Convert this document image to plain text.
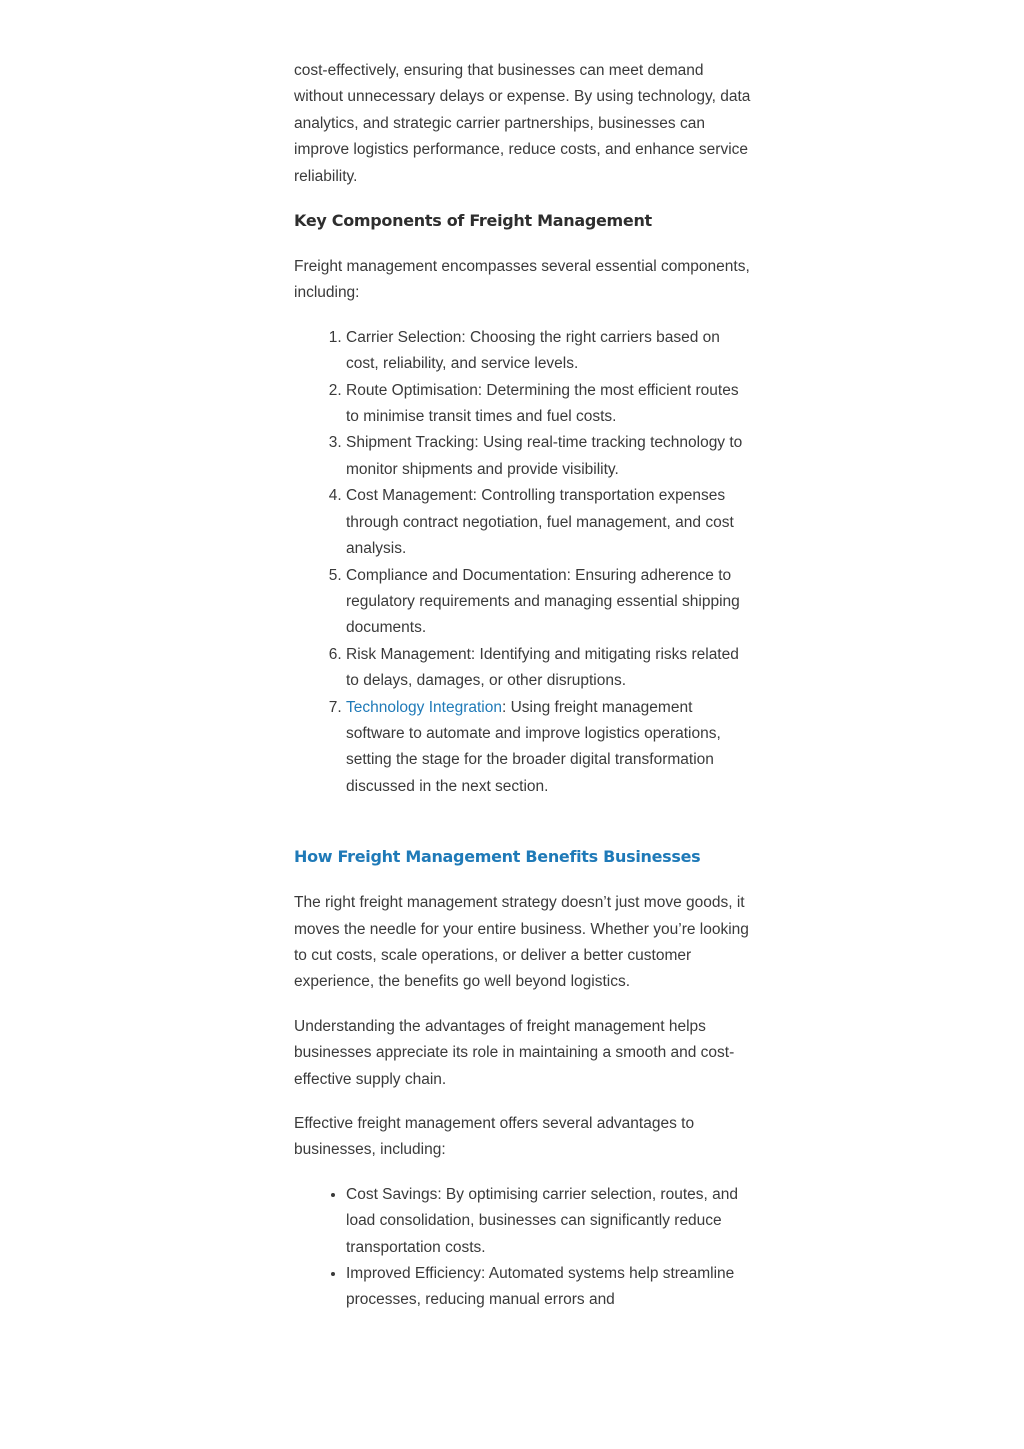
cost-effectively, ensuring that businesses can meet demand without unnecessary delays or expense. By using technology, data analytics, and strategic carrier partnerships, businesses can improve logistics performance, reduce costs, and enhance service reliability.

Key Components of Freight Management

Freight management encompasses several essential components, including:

1. Carrier Selection: Choosing the right carriers based on cost, reliability, and service levels.
2. Route Optimisation: Determining the most efficient routes to minimise transit times and fuel costs.
3. Shipment Tracking: Using real-time tracking technology to monitor shipments and provide visibility.
4. Cost Management: Controlling transportation expenses through contract negotiation, fuel management, and cost analysis.
5. Compliance and Documentation: Ensuring adherence to regulatory requirements and managing essential shipping documents.
6. Risk Management: Identifying and mitigating risks related to delays, damages, or other disruptions.
7. Technology Integration: Using freight management software to automate and improve logistics operations, setting the stage for the broader digital transformation discussed in the next section.
How Freight Management Benefits Businesses

The right freight management strategy doesn’t just move goods, it moves the needle for your entire business. Whether you’re looking to cut costs, scale operations, or deliver a better customer experience, the benefits go well beyond logistics.

Understanding the advantages of freight management helps businesses appreciate its role in maintaining a smooth and cost-effective supply chain.

Effective freight management offers several advantages to businesses, including:

• Cost Savings: By optimising carrier selection, routes, and load consolidation, businesses can significantly reduce transportation costs.
• Improved Efficiency: Automated systems help streamline processes, reducing manual errors and
